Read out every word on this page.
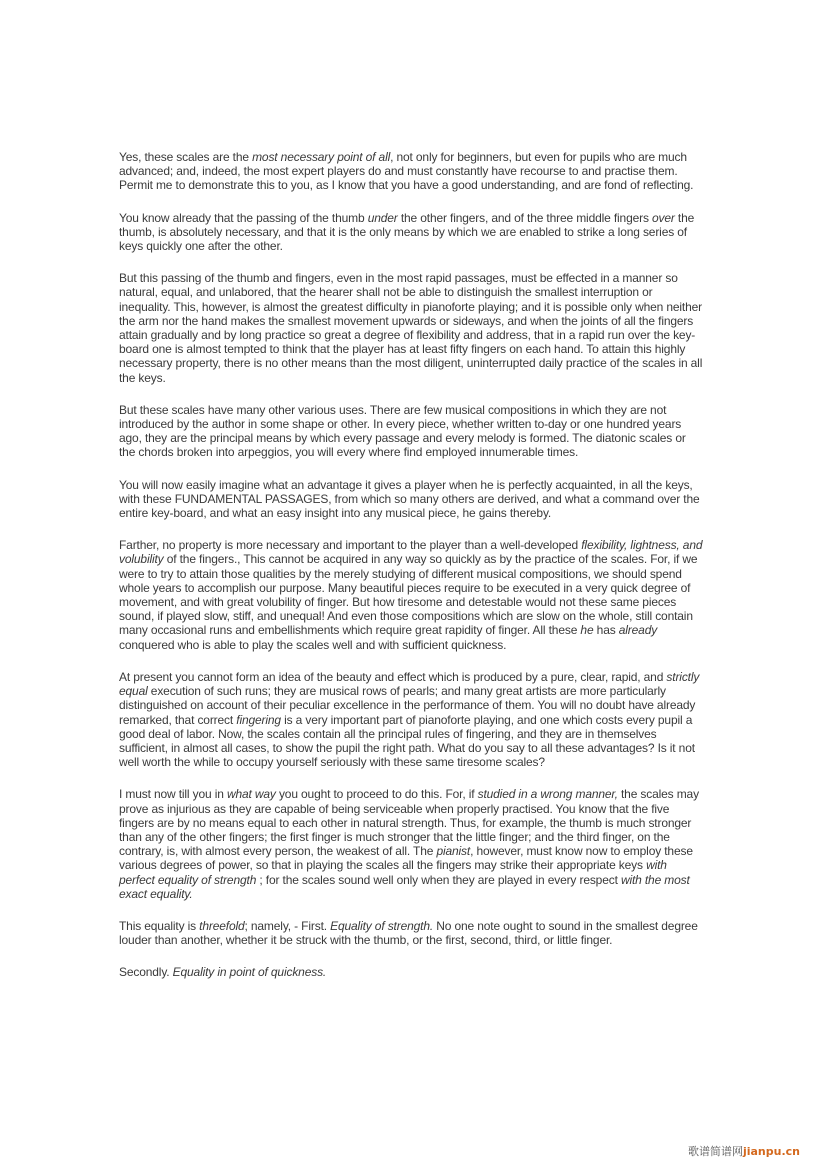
Yes, these scales are the most necessary point of all, not only for beginners, but even for pupils who are much advanced; and, indeed, the most expert players do and must constantly have recourse to and practise them. Permit me to demonstrate this to you, as I know that you have a good understanding, and are fond of reflecting.

You know already that the passing of the thumb under the other fingers, and of the three middle fingers over the thumb, is absolutely necessary, and that it is the only means by which we are enabled to strike a long series of keys quickly one after the other.

But this passing of the thumb and fingers, even in the most rapid passages, must be effected in a manner so natural, equal, and unlabored, that the hearer shall not be able to distinguish the smallest interruption or inequality. This, however, is almost the greatest difficulty in pianoforte playing; and it is possible only when neither the arm nor the hand makes the smallest movement upwards or sideways, and when the joints of all the fingers attain gradually and by long practice so great a degree of flexibility and address, that in a rapid run over the key-board one is almost tempted to think that the player has at least fifty fingers on each hand. To attain this highly necessary property, there is no other means than the most diligent, uninterrupted daily practice of the scales in all the keys.

But these scales have many other various uses. There are few musical compositions in which they are not introduced by the author in some shape or other. In every piece, whether written to-day or one hundred years ago, they are the principal means by which every passage and every melody is formed. The diatonic scales or the chords broken into arpeggios, you will every where find employed innumerable times.

You will now easily imagine what an advantage it gives a player when he is perfectly acquainted, in all the keys, with these FUNDAMENTAL PASSAGES, from which so many others are derived, and what a command over the entire key-board, and what an easy insight into any musical piece, he gains thereby.

Farther, no property is more necessary and important to the player than a well-developed flexibility, lightness, and volubility of the fingers., This cannot be acquired in any way so quickly as by the practice of the scales. For, if we were to try to attain those qualities by the merely studying of different musical compositions, we should spend whole years to accomplish our purpose. Many beautiful pieces require to be executed in a very quick degree of movement, and with great volubility of finger. But how tiresome and detestable would not these same pieces sound, if played slow, stiff, and unequal! And even those compositions which are slow on the whole, still contain many occasional runs and embellishments which require great rapidity of finger. All these he has already conquered who is able to play the scales well and with sufficient quickness.

At present you cannot form an idea of the beauty and effect which is produced by a pure, clear, rapid, and strictly equal execution of such runs; they are musical rows of pearls; and many great artists are more particularly distinguished on account of their peculiar excellence in the performance of them. You will no doubt have already remarked, that correct fingering is a very important part of pianoforte playing, and one which costs every pupil a good deal of labor. Now, the scales contain all the principal rules of fingering, and they are in themselves sufficient, in almost all cases, to show the pupil the right path. What do you say to all these advantages? Is it not well worth the while to occupy yourself seriously with these same tiresome scales?

I must now till you in what way you ought to proceed to do this. For, if studied in a wrong manner, the scales may prove as injurious as they are capable of being serviceable when properly practised. You know that the five fingers are by no means equal to each other in natural strength. Thus, for example, the thumb is much stronger than any of the other fingers; the first finger is much stronger that the little finger; and the third finger, on the contrary, is, with almost every person, the weakest of all. The pianist, however, must know now to employ these various degrees of power, so that in playing the scales all the fingers may strike their appropriate keys with perfect equality of strength ; for the scales sound well only when they are played in every respect with the most exact equality.

This equality is threefold; namely, - First. Equality of strength. No one note ought to sound in the smallest degree louder than another, whether it be struck with the thumb, or the first, second, third, or little finger.

Secondly. Equality in point of quickness.

歌谱简谱网jianpu.cn
